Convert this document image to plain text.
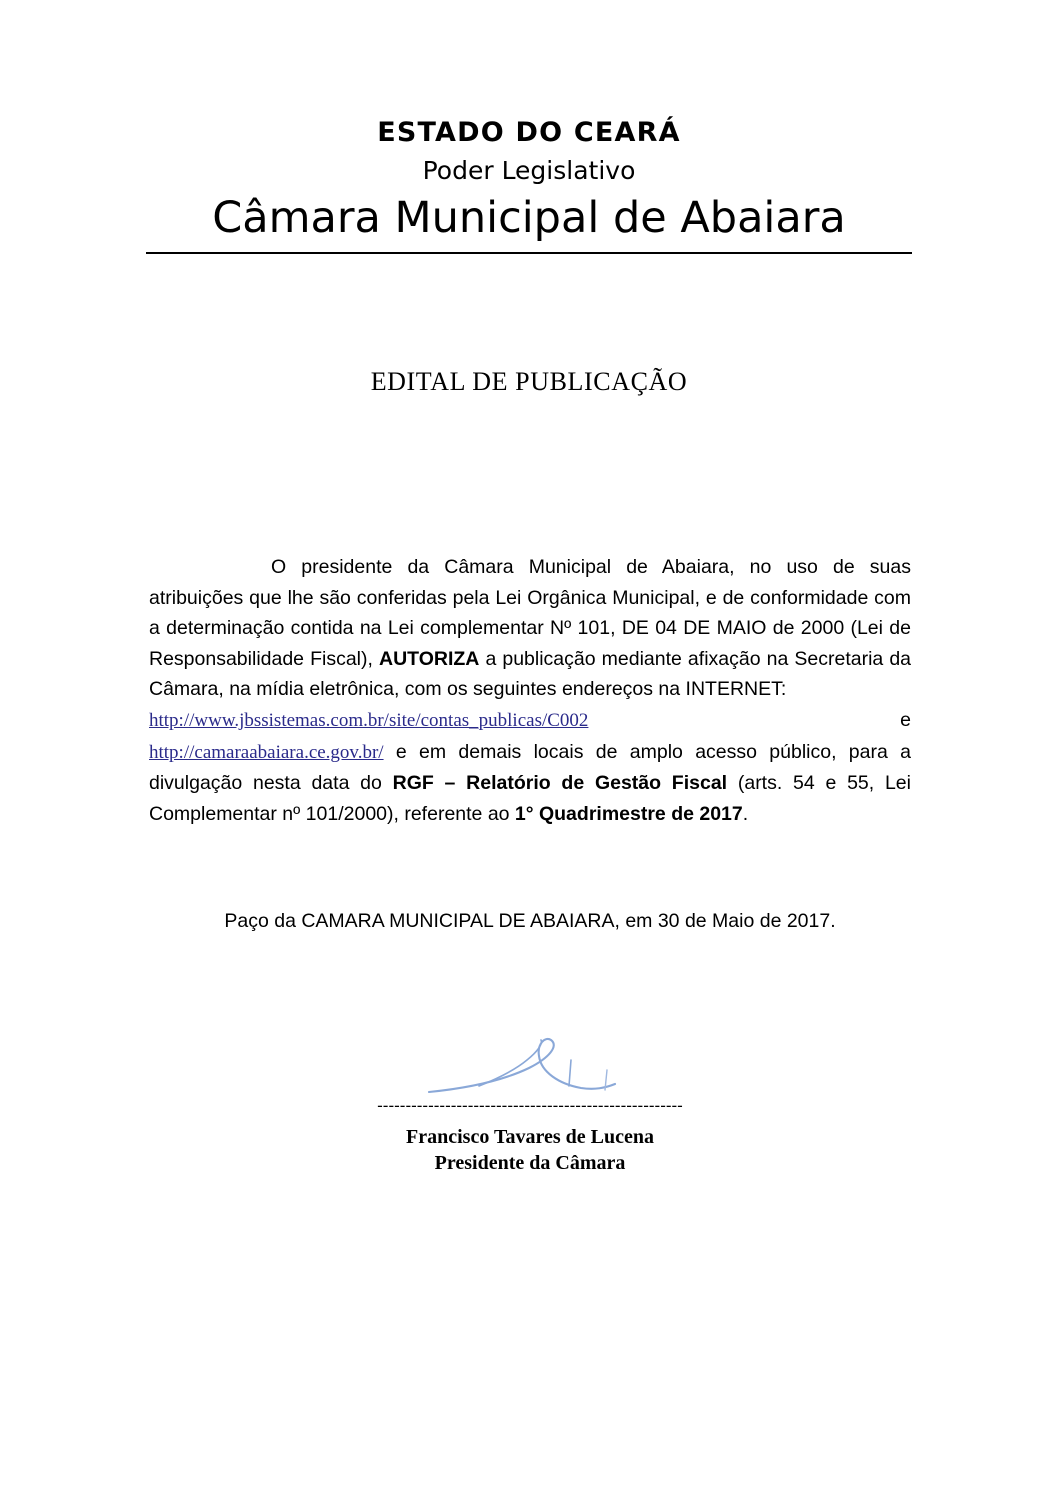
ESTADO DO CEARÁ
Poder Legislativo
Câmara Municipal de Abaiara
EDITAL DE PUBLICAÇÃO
O presidente da Câmara Municipal de Abaiara, no uso de suas atribuições que lhe são conferidas pela Lei Orgânica Municipal, e de conformidade com a determinação contida na Lei complementar Nº 101, DE 04 DE MAIO de 2000 (Lei de Responsabilidade Fiscal), AUTORIZA a publicação mediante afixação na Secretaria da Câmara, na mídia eletrônica, com os seguintes endereços na INTERNET:
http://www.jbssistemas.com.br/site/contas_publicas/C002	e
http://camaraabaiara.ce.gov.br/ e em demais locais de amplo acesso público, para a divulgação nesta data do RGF – Relatório de Gestão Fiscal (arts. 54 e 55, Lei Complementar nº 101/2000), referente ao 1° Quadrimestre de 2017.
Paço da CAMARA MUNICIPAL DE ABAIARA, em 30 de Maio de 2017.
------------------------------------------------------
Francisco Tavares de Lucena
Presidente da Câmara
